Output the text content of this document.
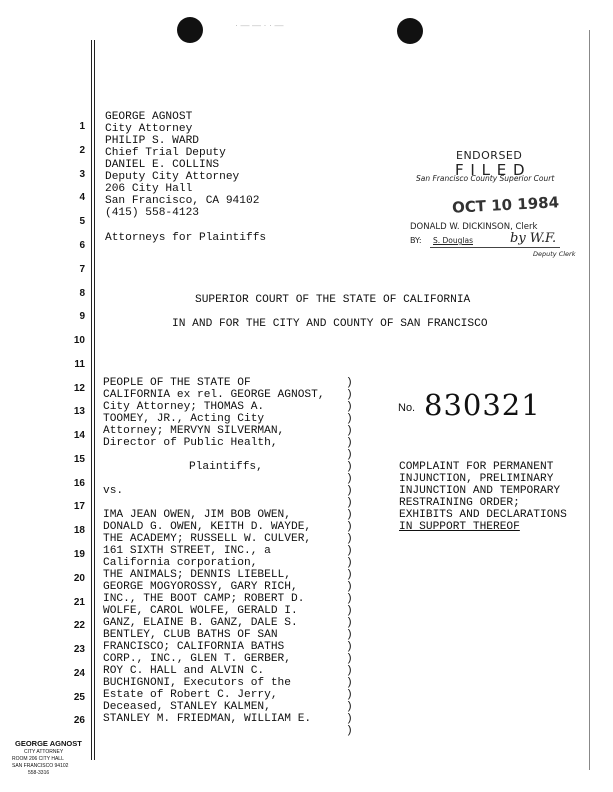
· — — · · —
1
2
3
4
5
6
7
8
9
10
11
12
13
14
15
16
17
18
19
20
21
22
23
24
25
26
GEORGE AGNOST
City Attorney
PHILIP S. WARD
Chief Trial Deputy
DANIEL E. COLLINS
Deputy City Attorney
206 City Hall
San Francisco, CA 94102
(415) 558-4123
Attorneys for Plaintiffs
ENDORSED
F I L E D
San Francisco County Superior Court
OCT 10 1984
DONALD W. DICKINSON, Clerk
BY: S. Douglas	by W.F.
Deputy Clerk
SUPERIOR COURT OF THE STATE OF CALIFORNIA
IN AND FOR THE CITY AND COUNTY OF SAN FRANCISCO
PEOPLE OF THE STATE OF
CALIFORNIA ex rel. GEORGE AGNOST,
City Attorney; THOMAS A.
TOOMEY, JR., Acting City
Attorney; MERVYN SILVERMAN,
Director of Public Health,
Plaintiffs,
vs.
IMA JEAN OWEN, JIM BOB OWEN,
DONALD G. OWEN, KEITH D. WAYDE,
THE ACADEMY; RUSSELL W. CULVER,
161 SIXTH STREET, INC., a
California corporation,
THE ANIMALS; DENNIS LIEBELL,
GEORGE MOGYOROSSY, GARY RICH,
INC., THE BOOT CAMP; ROBERT D.
WOLFE, CAROL WOLFE, GERALD I.
GANZ, ELAINE B. GANZ, DALE S.
BENTLEY, CLUB BATHS OF SAN
FRANCISCO; CALIFORNIA BATHS
CORP., INC., GLEN T. GERBER,
ROY C. HALL and ALVIN C.
BUCHIGNONI, Executors of the
Estate of Robert C. Jerry,
Deceased, STANLEY KALMEN,
STANLEY M. FRIEDMAN, WILLIAM E.
)
)
)
)
)
)
)
)
)
)
)
)
)
)
)
)
)
)
)
)
)
)
)
)
)
)
)
)
)
)
No. 830321
COMPLAINT FOR PERMANENT
INJUNCTION, PRELIMINARY
INJUNCTION AND TEMPORARY
RESTRAINING ORDER;
EXHIBITS AND DECLARATIONS
IN SUPPORT THEREOF
GEORGE AGNOST
CITY ATTORNEY
ROOM 206 CITY HALL
SAN FRANCISCO 94102
558-3316
